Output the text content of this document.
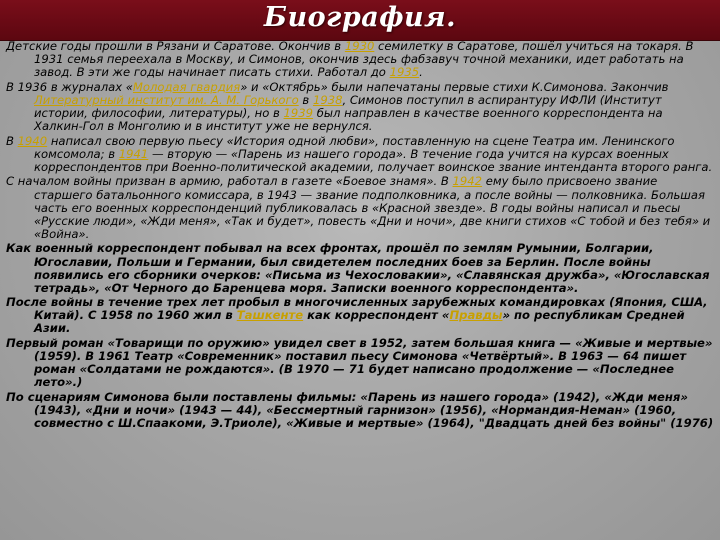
Биография.

Детские годы прошли в Рязани и Саратове. Окончив в 1930 семилетку в Саратове, пошёл учиться на токаря. В 1931 семья переехала в Москву, и Симонов, окончив здесь фабзавуч точной механики, идет работать на завод. В эти же годы начинает писать стихи. Работал до 1935.

В 1936 в журналах «Молодая гвардия» и «Октябрь» были напечатаны первые стихи К.Симонова. Закончив Литературный институт им. А. М. Горького в 1938, Симонов поступил в аспирантуру ИФЛИ (Институт истории, философии, литературы), но в 1939 был направлен в качестве военного корреспондента на Халкин-Гол в Монголию и в институт уже не вернулся.

В 1940 написал свою первую пьесу «История одной любви», поставленную на сцене Театра им. Ленинского комсомола; в 1941 — вторую — «Парень из нашего города». В течение года учится на курсах военных корреспондентов при Военно-политической академии, получает воинское звание интенданта второго ранга.

С началом войны призван в армию, работал в газете «Боевое знамя». В 1942 ему было присвоено звание старшего батальонного комиссара, в 1943 — звание подполковника, а после войны — полковника. Большая часть его военных корреспонденций публиковалась в «Красной звезде». В годы войны написал и пьесы «Русские люди», «Жди меня», «Так и будет», повесть «Дни и ночи», две книги стихов «С тобой и без тебя» и «Война».

Как военный корреспондент побывал на всех фронтах, прошёл по землям Румынии, Болгарии, Югославии, Польши и Германии, был свидетелем последних боев за Берлин. После войны появились его сборники очерков: «Письма из Чехословакии», «Славянская дружба», «Югославская тетрадь», «От Черного до Баренцева моря. Записки военного корреспондента».

После войны в течение трех лет пробыл в многочисленных зарубежных командировках (Япония, США, Китай). С 1958 по 1960 жил в Ташкенте как корреспондент «Правды» по республикам Средней Азии.

Первый роман «Товарищи по оружию» увидел свет в 1952, затем большая книга — «Живые и мертвые» (1959). В 1961 Театр «Современник» поставил пьесу Симонова «Четвёртый». В 1963 — 64 пишет роман «Солдатами не рождаются». (В 1970 — 71 будет написано продолжение — «Последнее лето».)

По сценариям Симонова были поставлены фильмы: «Парень из нашего города» (1942), «Жди меня» (1943), «Дни и ночи» (1943 — 44), «Бессмертный гарнизон» (1956), «Нормандия-Неман» (1960, совместно с Ш.Спаакоми, Э.Триоле), «Живые и мертвые» (1964), "Двадцать дней без войны" (1976)
